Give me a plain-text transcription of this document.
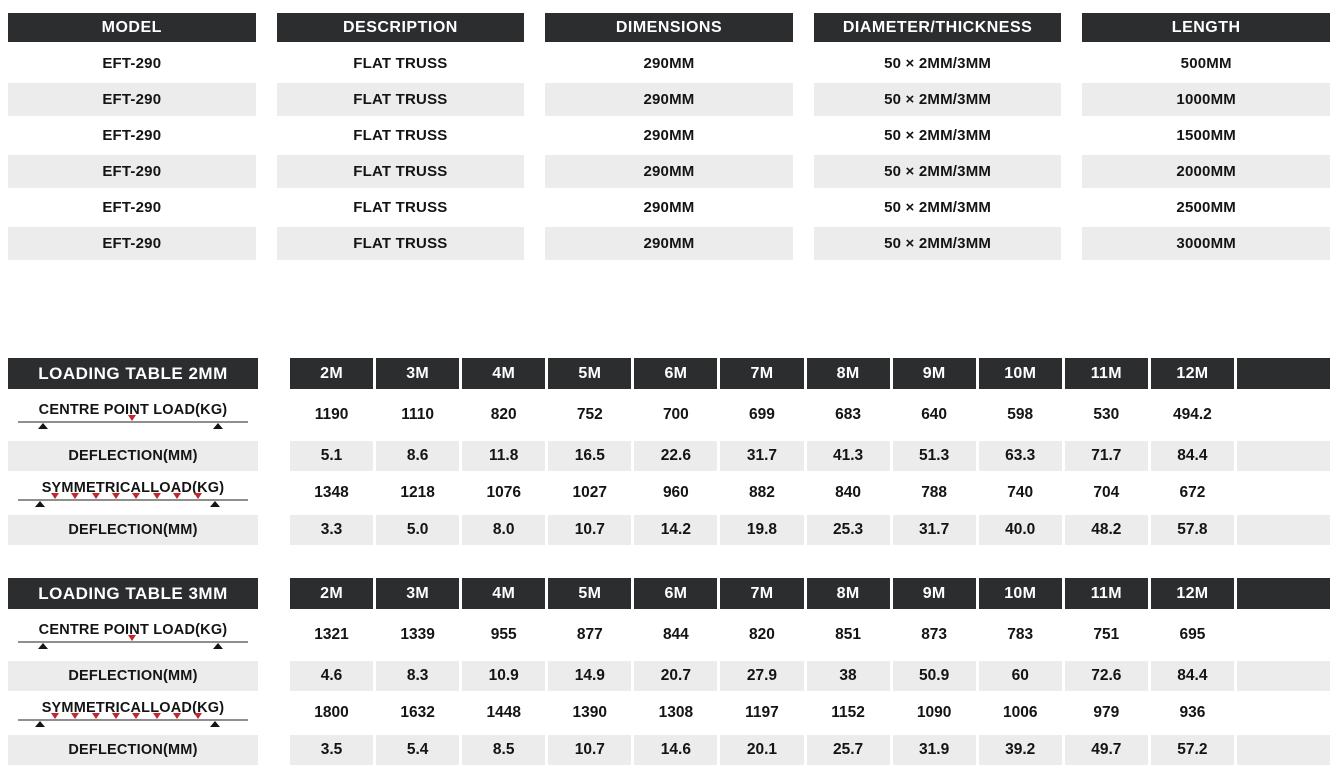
MODEL	DESCRIPTION	DIMENSIONS	DIAMETER/THICKNESS	LENGTH
EFT-290	FLAT TRUSS	290MM	50 × 2MM/3MM	500MM
EFT-290	FLAT TRUSS	290MM	50 × 2MM/3MM	1000MM
EFT-290	FLAT TRUSS	290MM	50 × 2MM/3MM	1500MM
EFT-290	FLAT TRUSS	290MM	50 × 2MM/3MM	2000MM
EFT-290	FLAT TRUSS	290MM	50 × 2MM/3MM	2500MM
EFT-290	FLAT TRUSS	290MM	50 × 2MM/3MM	3000MM
LOADING TABLE 2MM	2M	3M	4M	5M	6M	7M	8M	9M	10M	11M	12M
CENTRE POINT LOAD(KG)	1190	1110	820	752	700	699	683	640	598	530	494.2
DEFLECTION(MM)	5.1	8.6	11.8	16.5	22.6	31.7	41.3	51.3	63.3	71.7	84.4
SYMMETRICALLOAD(KG)	1348	1218	1076	1027	960	882	840	788	740	704	672
DEFLECTION(MM)	3.3	5.0	8.0	10.7	14.2	19.8	25.3	31.7	40.0	48.2	57.8
LOADING TABLE 3MM	2M	3M	4M	5M	6M	7M	8M	9M	10M	11M	12M
CENTRE POINT LOAD(KG)	1321	1339	955	877	844	820	851	873	783	751	695
DEFLECTION(MM)	4.6	8.3	10.9	14.9	20.7	27.9	38	50.9	60	72.6	84.4
SYMMETRICALLOAD(KG)	1800	1632	1448	1390	1308	1197	1152	1090	1006	979	936
DEFLECTION(MM)	3.5	5.4	8.5	10.7	14.6	20.1	25.7	31.9	39.2	49.7	57.2
